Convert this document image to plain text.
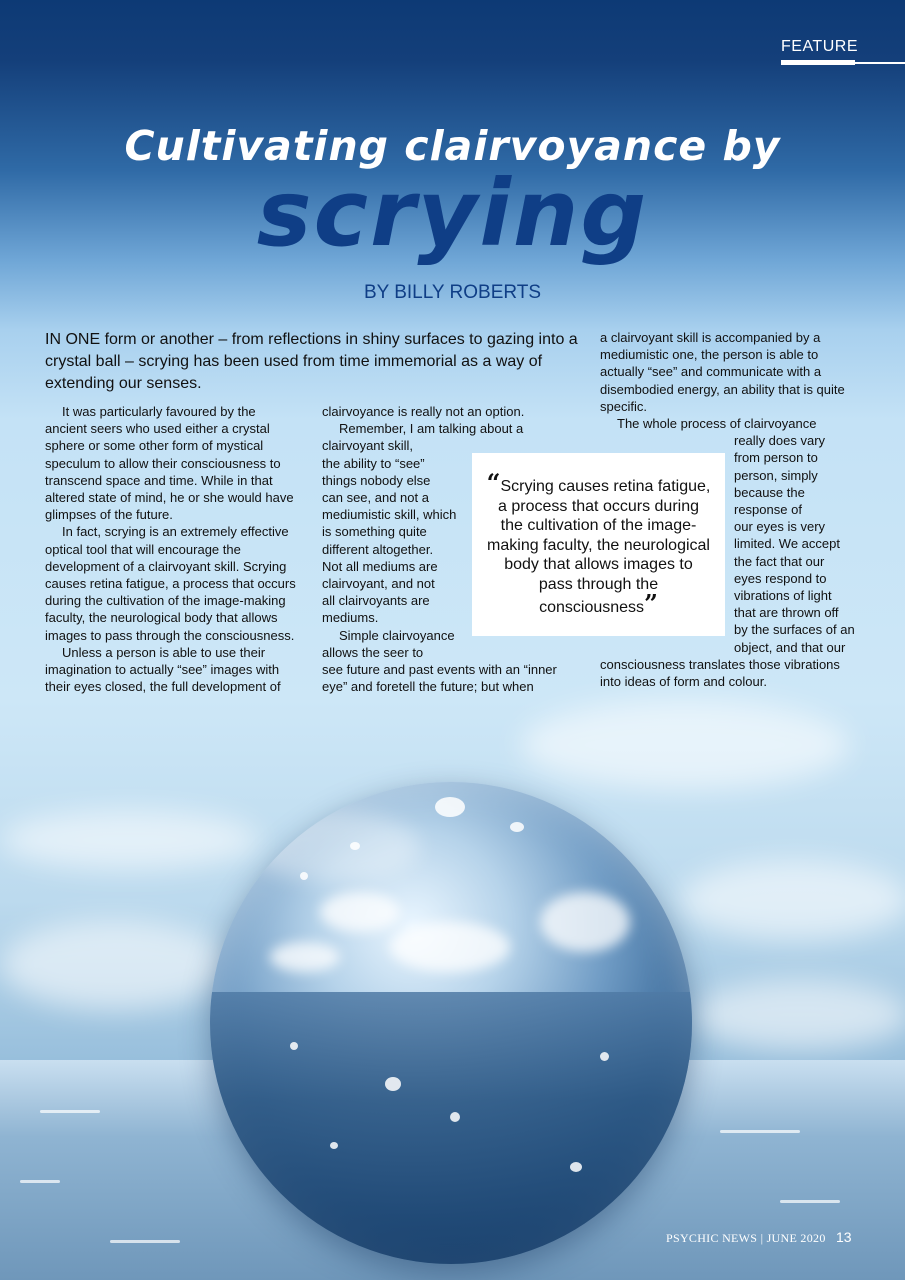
FEATURE
Cultivating clairvoyance by
scrying
BY BILLY ROBERTS
IN ONE form or another – from reflections in shiny surfaces to gazing into a crystal ball – scrying has been used from time immemorial as a way of extending our senses.

It was particularly favoured by the ancient seers who used either a crystal sphere or some other form of mystical speculum to allow their consciousness to transcend space and time. While in that altered state of mind, he or she would have glimpses of the future.

In fact, scrying is an extremely effective optical tool that will encourage the development of a clairvoyant skill. Scrying causes retina fatigue, a process that occurs during the cultivation of the image-making faculty, the neurological body that allows images to pass through the consciousness.

Unless a person is able to use their imagination to actually “see” images with their eyes closed, the full development of

clairvoyance is really not an option.
Remember, I am talking about a
clairvoyant skill,
the ability to “see”
things nobody else
can see, and not a
mediumistic skill, which
is something quite
different altogether.
Not all mediums are
clairvoyant, and not
all clairvoyants are
mediums.
Simple clairvoyance
allows the seer to
see future and past events with an “inner
eye” and foretell the future; but when
a clairvoyant skill is accompanied by a mediumistic one, the person is able to actually “see” and communicate with a disembodied energy, an ability that is quite specific.
The whole process of clairvoyance
really does vary
from person to
person, simply
because the
response of
our eyes is very
limited. We accept
the fact that our
eyes respond to
vibrations of light
that are thrown off
by the surfaces of an
object, and that our
consciousness translates those vibrations
into ideas of form and colour.
“Scrying causes retina fatigue, a process that occurs during the cultivation of the image-making faculty, the neurological body that allows images to pass through the consciousness”
PSYCHIC NEWS | JUNE 2020 13
